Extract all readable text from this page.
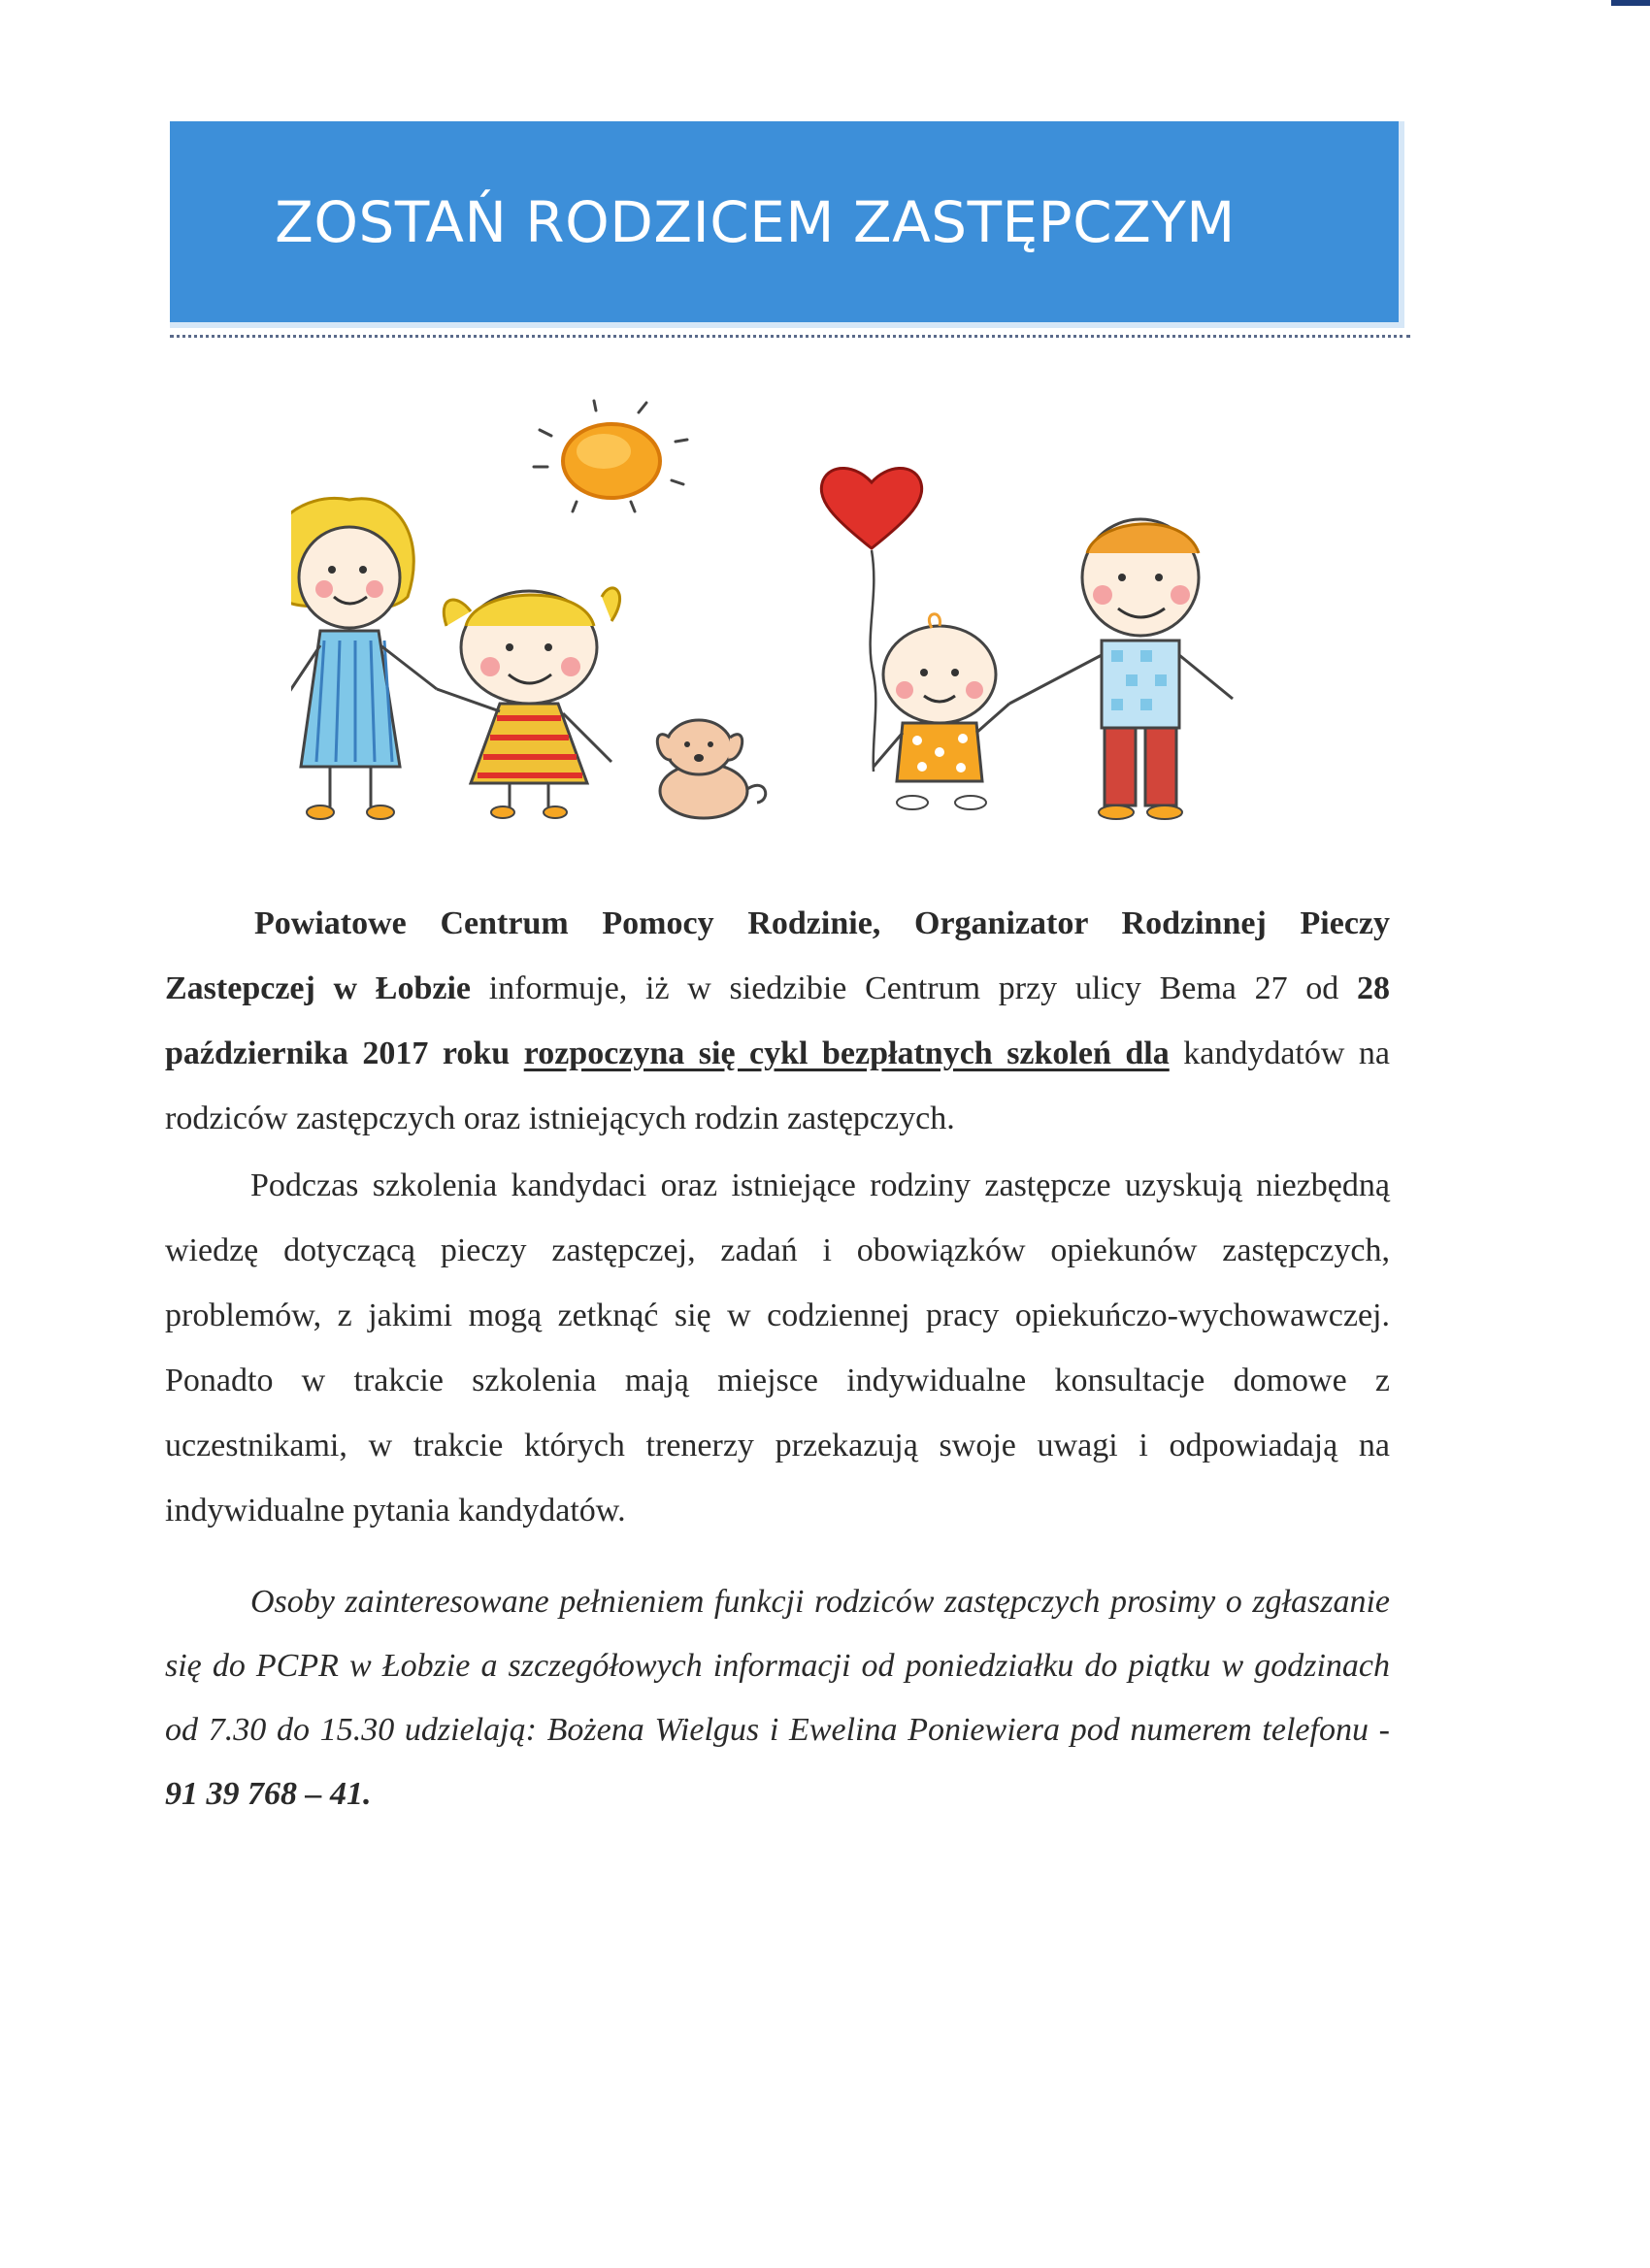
ZOSTAŃ RODZICEM ZASTĘPCZYM
Powiatowe Centrum Pomocy Rodzinie, Organizator Rodzinnej Pieczy Zastepczej w Łobzie informuje, iż w siedzibie Centrum przy ulicy Bema 27 od 28 października 2017 roku rozpoczyna się cykl bezpłatnych szkoleń dla kandydatów na rodziców zastępczych oraz istniejących rodzin zastępczych.
Podczas szkolenia kandydaci oraz istniejące rodziny zastępcze uzyskują niezbędną wiedzę dotyczącą pieczy zastępczej, zadań i obowiązków opiekunów zastępczych, problemów, z jakimi mogą zetknąć się w codziennej pracy opiekuńczo-wychowawczej. Ponadto w trakcie szkolenia mają miejsce indywidualne konsultacje domowe z uczestnikami, w trakcie których trenerzy przekazują swoje uwagi i odpowiadają na indywidualne pytania kandydatów.
Osoby zainteresowane pełnieniem funkcji rodziców zastępczych prosimy o zgłaszanie się do PCPR w Łobzie a szczegółowych informacji od poniedziałku do piątku w godzinach od 7.30 do 15.30 udzielają: Bożena Wielgus i Ewelina Poniewiera pod numerem telefonu - 91 39 768 – 41.
